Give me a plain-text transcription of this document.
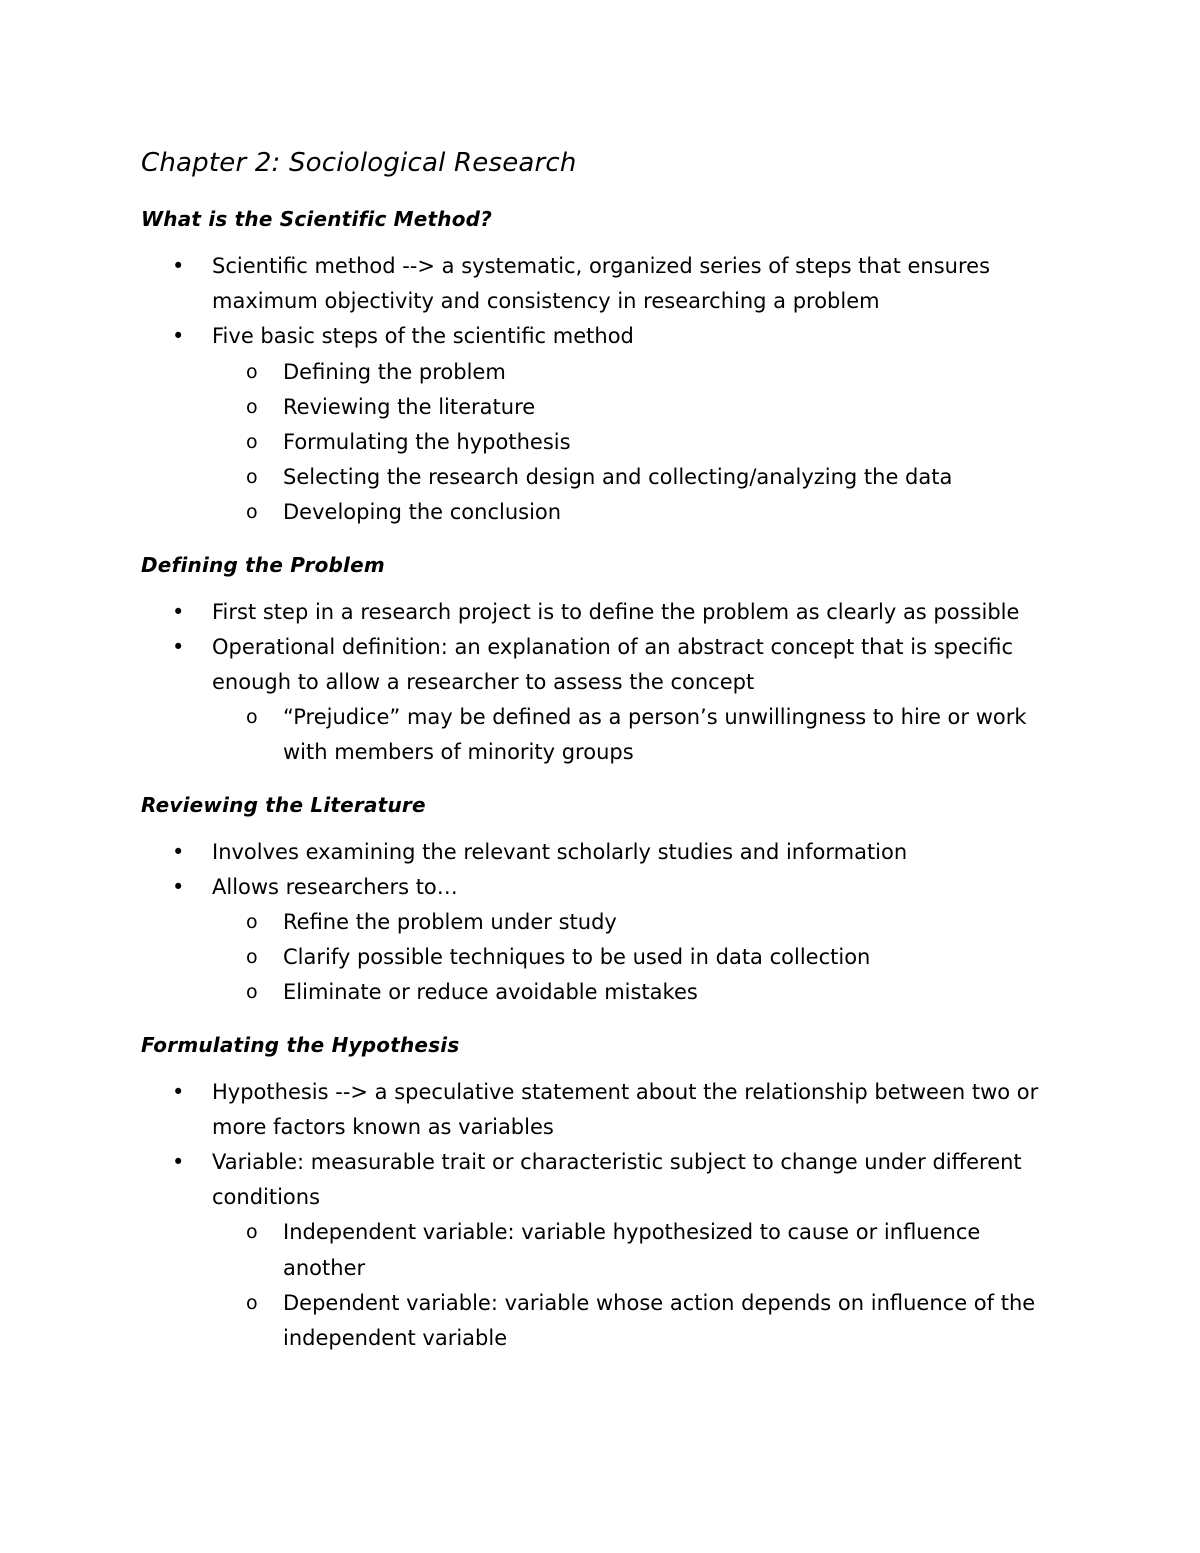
Chapter 2: Sociological Research
What is the Scientific Method?
•	Scientific method --> a systematic, organized series of steps that ensures maximum objectivity and consistency in researching a problem
•	Five basic steps of the scientific method
o	Defining the problem
o	Reviewing the literature
o	Formulating the hypothesis
o	Selecting the research design and collecting/analyzing the data
o	Developing the conclusion
Defining the Problem
•	First step in a research project is to define the problem as clearly as possible
•	Operational definition: an explanation of an abstract concept that is specific enough to allow a researcher to assess the concept
o	“Prejudice” may be defined as a person’s unwillingness to hire or work with members of minority groups
Reviewing the Literature
•	Involves examining the relevant scholarly studies and information
•	Allows researchers to…
o	Refine the problem under study
o	Clarify possible techniques to be used in data collection
o	Eliminate or reduce avoidable mistakes
Formulating the Hypothesis
•	Hypothesis --> a speculative statement about the relationship between two or more factors known as variables
•	Variable: measurable trait or characteristic subject to change under different conditions
o	Independent variable: variable hypothesized to cause or influence another
o	Dependent variable: variable whose action depends on influence of the independent variable
